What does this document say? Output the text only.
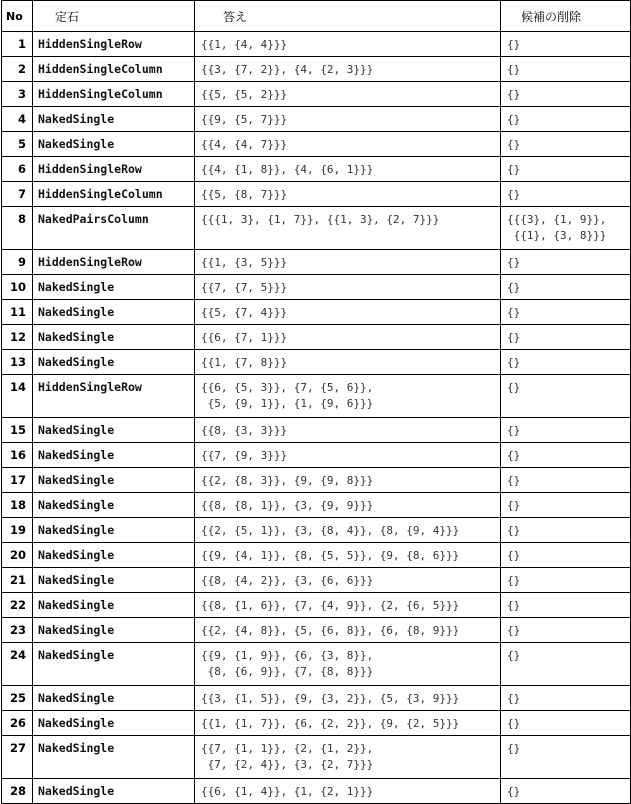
No	定石	答え	候補の削除
1	HiddenSingleRow	{{1, {4, 4}}}	{}
2	HiddenSingleColumn	{{3, {7, 2}}, {4, {2, 3}}}	{}
3	HiddenSingleColumn	{{5, {5, 2}}}	{}
4	NakedSingle	{{9, {5, 7}}}	{}
5	NakedSingle	{{4, {4, 7}}}	{}
6	HiddenSingleRow	{{4, {1, 8}}, {4, {6, 1}}}	{}
7	HiddenSingleColumn	{{5, {8, 7}}}	{}
8	NakedPairsColumn	{{{1, 3}, {1, 7}}, {{1, 3}, {2, 7}}}	{{{3}, {1, 9}},
{{1}, {3, 8}}}
9	HiddenSingleRow	{{1, {3, 5}}}	{}
10	NakedSingle	{{7, {7, 5}}}	{}
11	NakedSingle	{{5, {7, 4}}}	{}
12	NakedSingle	{{6, {7, 1}}}	{}
13	NakedSingle	{{1, {7, 8}}}	{}
14	HiddenSingleRow	{{6, {5, 3}}, {7, {5, 6}},
{5, {9, 1}}, {1, {9, 6}}}	{}
15	NakedSingle	{{8, {3, 3}}}	{}
16	NakedSingle	{{7, {9, 3}}}	{}
17	NakedSingle	{{2, {8, 3}}, {9, {9, 8}}}	{}
18	NakedSingle	{{8, {8, 1}}, {3, {9, 9}}}	{}
19	NakedSingle	{{2, {5, 1}}, {3, {8, 4}}, {8, {9, 4}}}	{}
20	NakedSingle	{{9, {4, 1}}, {8, {5, 5}}, {9, {8, 6}}}	{}
21	NakedSingle	{{8, {4, 2}}, {3, {6, 6}}}	{}
22	NakedSingle	{{8, {1, 6}}, {7, {4, 9}}, {2, {6, 5}}}	{}
23	NakedSingle	{{2, {4, 8}}, {5, {6, 8}}, {6, {8, 9}}}	{}
24	NakedSingle	{{9, {1, 9}}, {6, {3, 8}},
{8, {6, 9}}, {7, {8, 8}}}	{}
25	NakedSingle	{{3, {1, 5}}, {9, {3, 2}}, {5, {3, 9}}}	{}
26	NakedSingle	{{1, {1, 7}}, {6, {2, 2}}, {9, {2, 5}}}	{}
27	NakedSingle	{{7, {1, 1}}, {2, {1, 2}},
{7, {2, 4}}, {3, {2, 7}}}	{}
28	NakedSingle	{{6, {1, 4}}, {1, {2, 1}}}	{}
